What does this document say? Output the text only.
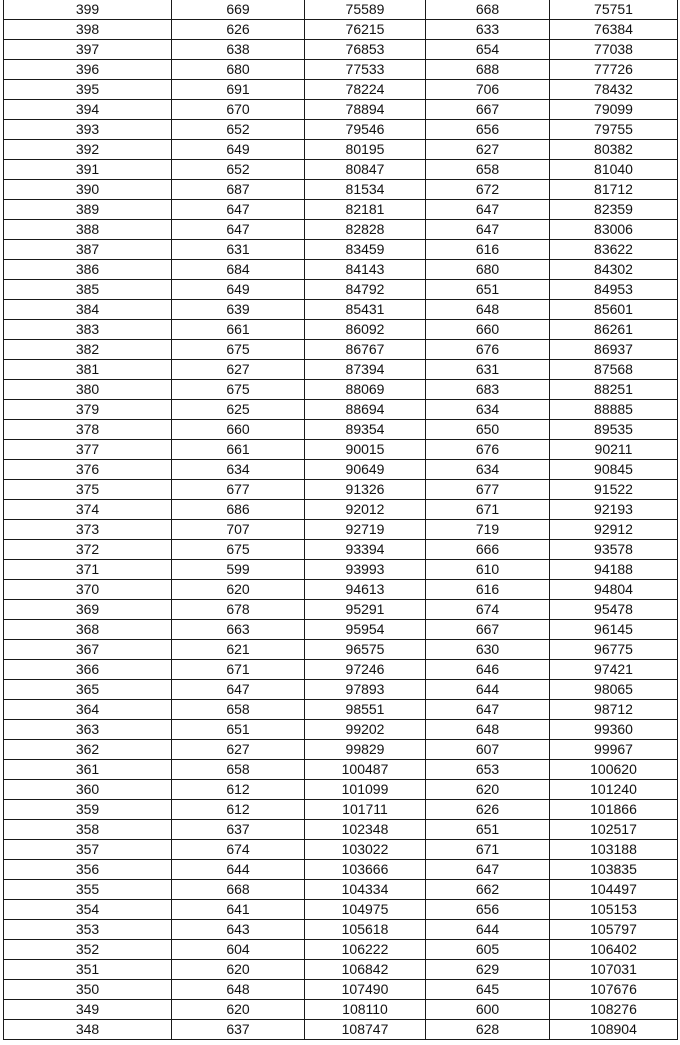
399	669	75589	668	75751
398	626	76215	633	76384
397	638	76853	654	77038
396	680	77533	688	77726
395	691	78224	706	78432
394	670	78894	667	79099
393	652	79546	656	79755
392	649	80195	627	80382
391	652	80847	658	81040
390	687	81534	672	81712
389	647	82181	647	82359
388	647	82828	647	83006
387	631	83459	616	83622
386	684	84143	680	84302
385	649	84792	651	84953
384	639	85431	648	85601
383	661	86092	660	86261
382	675	86767	676	86937
381	627	87394	631	87568
380	675	88069	683	88251
379	625	88694	634	88885
378	660	89354	650	89535
377	661	90015	676	90211
376	634	90649	634	90845
375	677	91326	677	91522
374	686	92012	671	92193
373	707	92719	719	92912
372	675	93394	666	93578
371	599	93993	610	94188
370	620	94613	616	94804
369	678	95291	674	95478
368	663	95954	667	96145
367	621	96575	630	96775
366	671	97246	646	97421
365	647	97893	644	98065
364	658	98551	647	98712
363	651	99202	648	99360
362	627	99829	607	99967
361	658	100487	653	100620
360	612	101099	620	101240
359	612	101711	626	101866
358	637	102348	651	102517
357	674	103022	671	103188
356	644	103666	647	103835
355	668	104334	662	104497
354	641	104975	656	105153
353	643	105618	644	105797
352	604	106222	605	106402
351	620	106842	629	107031
350	648	107490	645	107676
349	620	108110	600	108276
348	637	108747	628	108904
